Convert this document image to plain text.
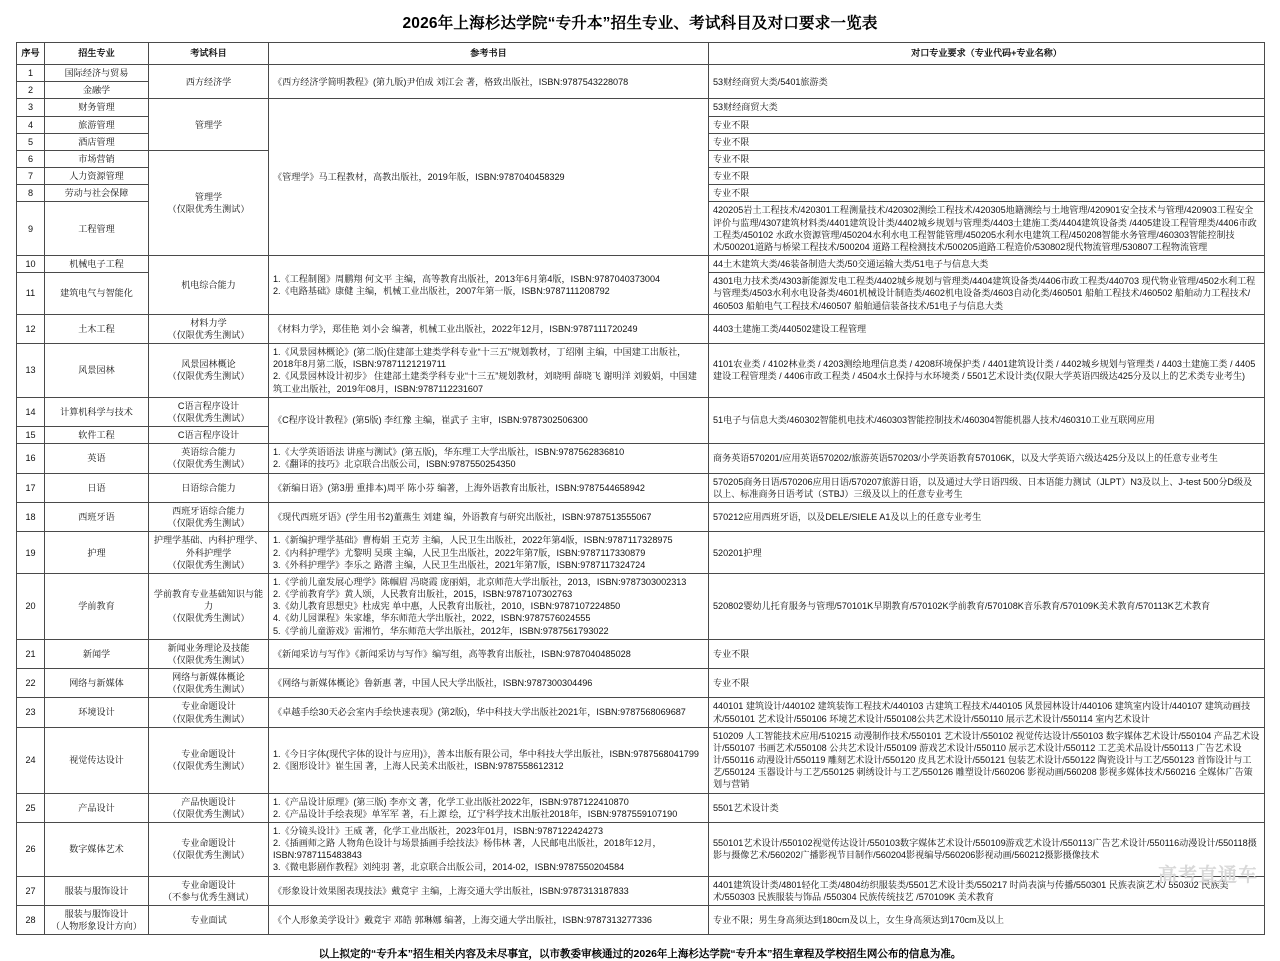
2026年上海杉达学院“专升本”招生专业、考试科目及对口要求一览表
序号	招生专业	考试科目	参考书目	对口专业要求（专业代码+专业名称）
1	国际经济与贸易	西方经济学	《西方经济学简明教程》(第九版)尹伯成 刘江会 著，格致出版社，ISBN:9787543228078	53财经商贸大类/5401旅游类

2	金融学			
3	财务管理	管理学	《管理学》马工程教材，高教出版社，2019年版，ISBN:9787040458329	53财经商贸大类

4	旅游管理			专业不限

5	酒店管理			专业不限

6	市场营销	管理学
（仅限优秀生测试）		专业不限

7	人力资源管理			专业不限

8	劳动与社会保障			专业不限

9	工程管理			420205岩土工程技术/420301工程测量技术/420302测绘工程技术/420305地籍测绘与土地管理/420901安全技术与管理/420903工程安全评价与监理/4307建筑材料类/4401建筑设计类/4402城乡规划与管理类/4403土建施工类/4404建筑设备类 /4405建设工程管理类/4406市政工程类/450102 水政水资源管理/450204水利水电工程智能管理/450205水利水电建筑工程/450208智能水务管理/460303智能控制技术/500201道路与桥梁工程技术/500204 道路工程检测技术/500205道路工程造价/530802现代物流管理/530807工程物流管理

10	机械电子工程	机电综合能力	1.《工程制图》周鹏翔 何文平 主编，高等教育出版社，2013年6月第4版，ISBN:9787040373004
2.《电路基础》康健 主编，机械工业出版社，2007年第一版，ISBN:9787111208792	44土木建筑大类/46装备制造大类/50交通运输大类/51电子与信息大类

11	建筑电气与智能化			4301电力技术类/4303新能源发电工程类/4402城乡规划与管理类/4404建筑设备类/4406市政工程类/440703 现代物业管理/4502水利工程与管理类/4503水利水电设备类/4601机械设计制造类/4602机电设备类/4603自动化类/460501 船舶工程技术/460502 船舶动力工程技术/ 460503 船舶电气工程技术/460507 船舶通信装备技术/51电子与信息大类

12	土木工程	材料力学
（仅限优秀生测试）	《材料力学》，郑佳艳 刘小会 编著，机械工业出版社，2022年12月，ISBN:9787111720249	4403土建施工类/440502建设工程管理

13	风景园林	风景园林概论
（仅限优秀生测试）	1.《风景园林概论》(第二版)住建部土建类学科专业“十三五”规划教材，丁绍刚 主编，中国建工出版社，2018年8月第二版，ISBN:97871121219711
2.《风景园林设计初步》 住建部土建类学科专业“十三五”规划教材，刘晓明 薛晓飞 谢明洋 刘毅娟，中国建筑工业出版社，2019年08月，ISBN:9787112231607	4101农业类 / 4102林业类 / 4203测绘地理信息类 / 4208环境保护类 / 4401建筑设计类 / 4402城乡规划与管理类 / 4403土建施工类 / 4405建设工程管理类 / 4406市政工程类 / 4504水土保持与水环境类 / 5501艺术设计类(仅限大学英语四级达425分及以上的艺术类专业考生)

14	计算机科学与技术	C语言程序设计
（仅限优秀生测试）	《C程序设计教程》(第5版) 李红豫 主编，崔武子 主审，ISBN:9787302506300	51电子与信息大类/460302智能机电技术/460303智能控制技术/460304智能机器人技术/460310工业互联网应用

15	软件工程	C语言程序设计		
16	英语	英语综合能力
（仅限优秀生测试）	1.《大学英语语法 讲座与测试》(第五版)，华东理工大学出版社，ISBN:9787562836810
2.《翻译的技巧》北京联合出版公司，ISBN:9787550254350	商务英语570201/应用英语570202/旅游英语570203/小学英语教育570106K，以及大学英语六级达425分及以上的任意专业考生

17	日语	日语综合能力	《新编日语》(第3册 重排本)周平 陈小芬 编著，上海外语教育出版社，ISBN:9787544658942	570205商务日语/570206应用日语/570207旅游日语，以及通过大学日语四级、日本语能力测试（JLPT）N3及以上、J-test 500分D级及以上、标准商务日语考试（STBJ）三级及以上的任意专业考生

18	西班牙语	西班牙语综合能力
（仅限优秀生测试）	《现代西班牙语》(学生用书2)董燕生 刘建 编，外语教育与研究出版社，ISBN:9787513555067	570212应用西班牙语，以及DELE/SIELE A1及以上的任意专业考生

19	护理	护理学基础、内科护理学、外科护理学
（仅限优秀生测试）	1.《新编护理学基础》曹梅娟 王克芳 主编，人民卫生出版社，2022年第4版，ISBN:9787117328975
2.《内科护理学》尤黎明 吴瑛 主编，人民卫生出版社，2022年第7版，ISBN:9787117330879
3.《外科护理学》李乐之 路潜 主编，人民卫生出版社，2021年第7版，ISBN:9787117324724	520201护理

20	学前教育	学前教育专业基础知识与能力
（仅限优秀生测试）	1.《学前儿童发展心理学》陈帼眉 冯晓霞 庞丽娟，北京师范大学出版社，2013，ISBN:9787303002313
2.《学前教育学》黄人颂，人民教育出版社，2015，ISBN:9787107302763
3.《幼儿教育思想史》杜成宪 单中惠，人民教育出版社，2010，ISBN:9787107224850
4.《幼儿园课程》朱家雄，华东师范大学出版社，2022，ISBN:9787576024555
5.《学前儿童游戏》雷湘竹，华东师范大学出版社，2012年，ISBN:9787561793022	520802婴幼儿托育服务与管理/570101K早期教育/570102K学前教育/570108K音乐教育/570109K美术教育/570113K艺术教育

21	新闻学	新闻业务理论及技能
（仅限优秀生测试）	《新闻采访与写作》《新闻采访与写作》编写组，高等教育出版社，ISBN:9787040485028	专业不限

22	网络与新媒体	网络与新媒体概论
（仅限优秀生测试）	《网络与新媒体概论》鲁新惠 著，中国人民大学出版社，ISBN:9787300304496	专业不限

23	环境设计	专业命题设计
（仅限优秀生测试）	《卓越手绘30天必会室内手绘快速表现》(第2版)，华中科技大学出版社2021年，ISBN:9787568069687	440101 建筑设计/440102 建筑装饰工程技术/440103 古建筑工程技术/440105 风景园林设计/440106 建筑室内设计/440107 建筑动画技术/550101 艺术设计/550106 环境艺术设计/550108公共艺术设计/550110 展示艺术设计/550114 室内艺术设计

24	视觉传达设计	专业命题设计
（仅限优秀生测试）	1.《今日字体(现代字体的设计与应用)》，善本出版有限公司，华中科技大学出版社，ISBN:9787568041799
2.《图形设计》崔生国 著，上海人民美术出版社，ISBN:9787558612312	510209 人工智能技术应用/510215 动漫制作技术/550101 艺术设计/550102 视觉传达设计/550103 数字媒体艺术设计/550104 产品艺术设计/550107 书画艺术/550108 公共艺术设计/550109 游戏艺术设计/550110 展示艺术设计/550112 工艺美术品设计/550113 广告艺术设计/550116 动漫设计/550119 雕刻艺术设计/550120 皮具艺术设计/550121 包装艺术设计/550122 陶瓷设计与工艺/550123 首饰设计与工艺/550124 玉器设计与工艺/550125 刺绣设计与工艺/550126 雕塑设计/560206 影视动画/560208 影视多媒体技术/560216 全媒体广告策划与营销

25	产品设计	产品快题设计
（仅限优秀生测试）	1.《产品设计原理》(第三版) 李亦文 著，化学工业出版社2022年，ISBN:9787122410870
2.《产品设计手绘表现》单军军 著，石上源 绘，辽宁科学技术出版社2018年，ISBN:9787559107190	5501艺术设计类

26	数字媒体艺术	专业命题设计
（仅限优秀生测试）	1.《分镜头设计》王威 著，化学工业出版社，2023年01月，ISBN:9787122424273
2.《插画师之路 人物角色设计与场景插画手绘技法》杨伟林 著，人民邮电出版社，2018年12月，ISBN:9787115483843
3.《微电影剧作教程》刘纯羽 著，北京联合出版公司，2014-02，ISBN:9787550204584	550101艺术设计/550102视觉传达设计/550103数字媒体艺术设计/550109游戏艺术设计/550113广告艺术设计/550116动漫设计/550118摄影与摄像艺术/560202广播影视节目制作/560204影视编导/560206影视动画/560212摄影摄像技术

27	服装与服饰设计	专业命题设计
（不参与优秀生测试）	《形象设计效果图表现技法》戴竟宇 主编，上海交通大学出版社，ISBN:9787313187833	4401建筑设计类/4801轻化工类/4804纺织服装类/5501艺术设计类/550217 时尚表演与传播/550301 民族表演艺术/ 550302 民族美术/550303 民族服装与饰品 /550304 民族传统技艺 /570109K 美术教育

28	服装与服饰设计
（人物形象设计方向）	专业面试	《个人形象美学设计》戴竟宇 邓皓 郭琳娜 编著，上海交通大学出版社，ISBN:9787313277336	专业不限；男生身高须达到180cm及以上，女生身高须达到170cm及以上
以上拟定的“专升本”招生相关内容及未尽事宜，以市教委审核通过的2026年上海杉达学院“专升本”招生章程及学校招生网公布的信息为准。
高考直通车
